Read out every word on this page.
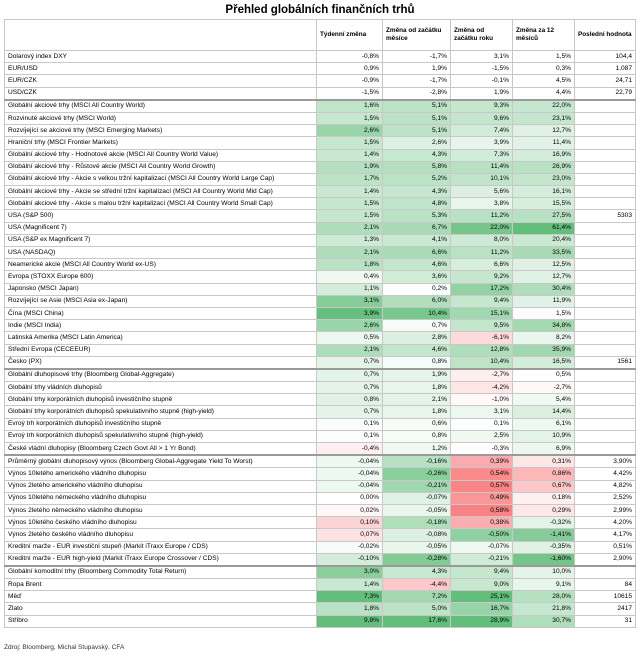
Přehled globálních finančních trhů
	Týdenní změna	Změna od začátku měsíce	Změna od začátku roku	Změna za 12 měsíců	Poslední hodnota
Dolarový index DXY	-0,8%	-1,7%	3,1%	1,5%	104,4
EUR/USD	0,9%	1,9%	-1,5%	0,3%	1,087
EUR/CZK	-0,9%	-1,7%	-0,1%	4,5%	24,71
USD/CZK	-1,5%	-2,8%	1,9%	4,4%	22,79
Globální akciové trhy (MSCI All Country World)	1,6%	5,1%	9,3%	22,0%	
Rozvinuté akciové trhy (MSCI World)	1,5%	5,1%	9,6%	23,1%	
Rozvíjející se akciové trhy (MSCI Emerging Markets)	2,6%	5,1%	7,4%	12,7%	
Hraniční trhy (MSCI Frontier Markets)	1,5%	2,6%	3,9%	11,4%	
Globální akciové trhy - Hodnotové akcie (MSCI All Country World Value)	1,4%	4,3%	7,3%	16,9%	
Globální akciové trhy - Růstové akcie (MSCI All Country World Growth)	1,9%	5,8%	11,4%	26,9%	
Globální akciové trhy - Akcie s velkou tržní kapitalizací (MSCI All Country World Large Cap)	1,7%	5,2%	10,1%	23,0%	
Globální akciové trhy - Akcie se střední tržní kapitalizací (MSCI All Country World Mid Cap)	1,4%	4,3%	5,6%	16,1%	
Globální akciové trhy - Akcie s malou tržní kapitalizací (MSCI All Country World Small Cap)	1,5%	4,8%	3,8%	15,5%	
USA (S&P 500)	1,5%	5,3%	11,2%	27,5%	5303
USA (Magnificent 7)	2,1%	6,7%	22,0%	61,4%	
USA (S&P ex Magnificent 7)	1,3%	4,1%	8,0%	20,4%	
USA (NASDAQ)	2,1%	6,6%	11,2%	33,5%	
Neamerické akcie (MSCI All Country World ex-US)	1,8%	4,6%	6,6%	12,5%	
Evropa (STOXX Europe 600)	0,4%	3,6%	9,2%	12,7%	
Japonsko (MSCI Japan)	1,1%	0,2%	17,2%	30,4%	
Rozvíjející se Asie (MSCI Asia ex-Japan)	3,1%	6,0%	9,4%	11,9%	
Čína (MSCI China)	3,9%	10,4%	15,1%	1,5%	
Indie (MSCI India)	2,6%	0,7%	9,5%	34,8%	
Latinská Amerika (MSCI Latin America)	0,5%	2,8%	-6,1%	8,2%	
Střední Evropa (CECEEUR)	2,1%	4,6%	12,8%	35,9%	
Česko (PX)	0,7%	0,8%	10,4%	16,5%	1561
Globální dluhopisové trhy (Bloomberg Global-Aggregate)	0,7%	1,9%	-2,7%	0,5%	
Globální trhy vládních dluhopisů	0,7%	1,8%	-4,2%	-2,7%	
Globální trhy korporátních dluhopisů investičního stupně	0,8%	2,1%	-1,0%	5,4%	
Globální trhy korporátních dluhopisů spekulativního stupně (high-yield)	0,7%	1,8%	3,1%	14,4%	
Evroý trh korporátních dluhopisů investičního stupně	0,1%	0,6%	0,1%	6,1%	
Evroý trh korporátních dluhopisů spekulativního stupně (high-yield)	0,1%	0,8%	2,5%	10,9%	
České vládní dluhopisy (Bloomberg Czech Govt All > 1 Yr Bond)	-0,4%	1,2%	-0,3%	6,9%	
Průměrný globální dluhopisový výnos (Bloomberg Global-Aggregate Yield To Worst)	-0,04%	-0,16%	0,39%	0,31%	3,90%
Výnos 10letého amerického vládního dluhopisu	-0,04%	-0,26%	0,54%	0,86%	4,42%
Výnos 2letého amerického vládního dluhopisu	-0,04%	-0,21%	0,57%	0,67%	4,82%
Výnos 10letého německého vládního dluhopisu	0,00%	-0,07%	0,49%	0,18%	2,52%
Výnos 2letého německého vládního dluhopisu	0,02%	-0,05%	0,58%	0,29%	2,99%
Výnos 10letého českého vládního dluhopisu	0,10%	-0,18%	0,38%	-0,32%	4,20%
Výnos 2letého českého vládního dluhopisu	0,07%	-0,08%	-0,50%	-1,41%	4,17%
Kreditní marže - EUR investiční stupeň (Markit iTraxx Europe / CDS)	-0,02%	-0,05%	-0,07%	-0,35%	0,51%
Kreditní marže - EUR high-yield (Markit iTraxx Europe Crossover / CDS)	-0,10%	-0,28%	-0,21%	-1,60%	2,90%
Globální komoditní trhy (Bloomberg Commodity Total Return)	3,0%	4,3%	9,4%	10,0%	
Ropa Brent	1,4%	-4,4%	9,0%	9,1%	84
Měď	7,3%	7,2%	25,1%	28,0%	10615
Zlato	1,8%	5,0%	16,7%	21,8%	2417
Stříbro	9,8%	17,6%	28,9%	30,7%	31
Zdroj: Bloomberg, Michal Stupavský, CFA
